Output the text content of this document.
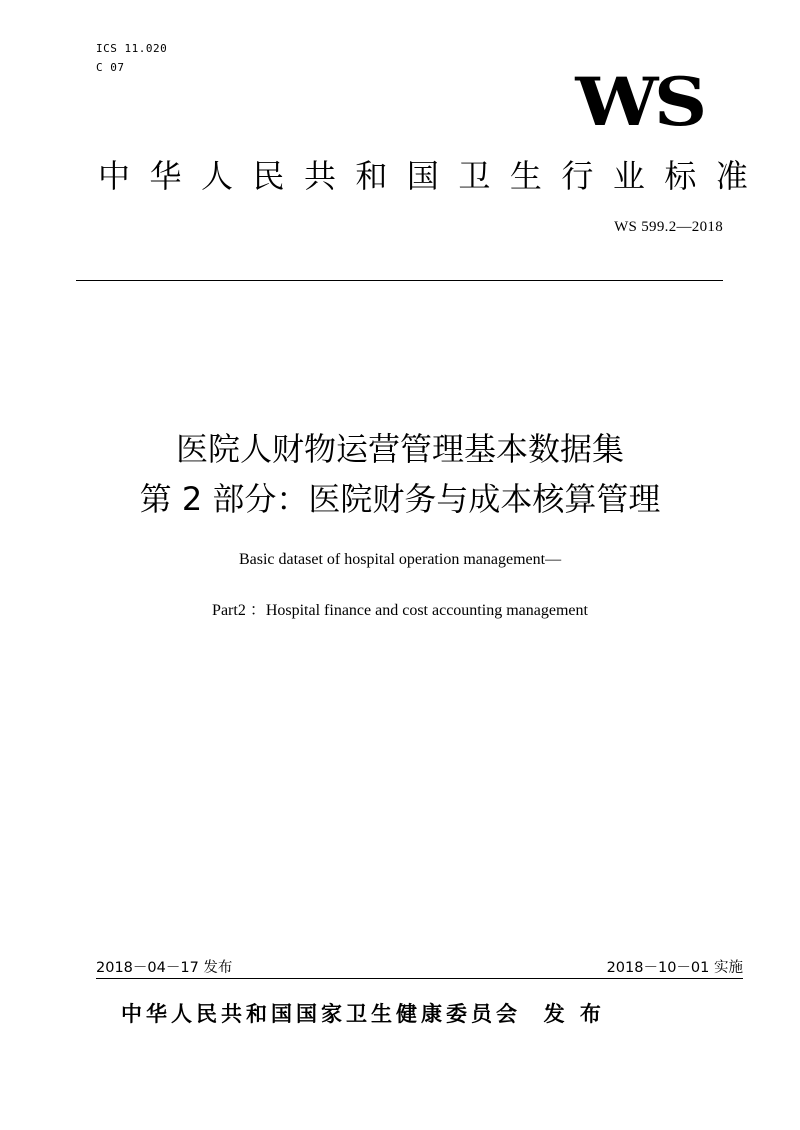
ICS 11.020
C 07	WS
中 华 人 民 共 和 国 卫 生 行 业 标 准
WS 599.2—2018
医院人财物运营管理基本数据集
第 2 部分：医院财务与成本核算管理
Basic dataset of hospital operation management—
Part2 ：Hospital finance and cost accounting management
2018－04－17 发布	2018－10－01 实施
中华人民共和国国家卫生健康委员会  发 布
